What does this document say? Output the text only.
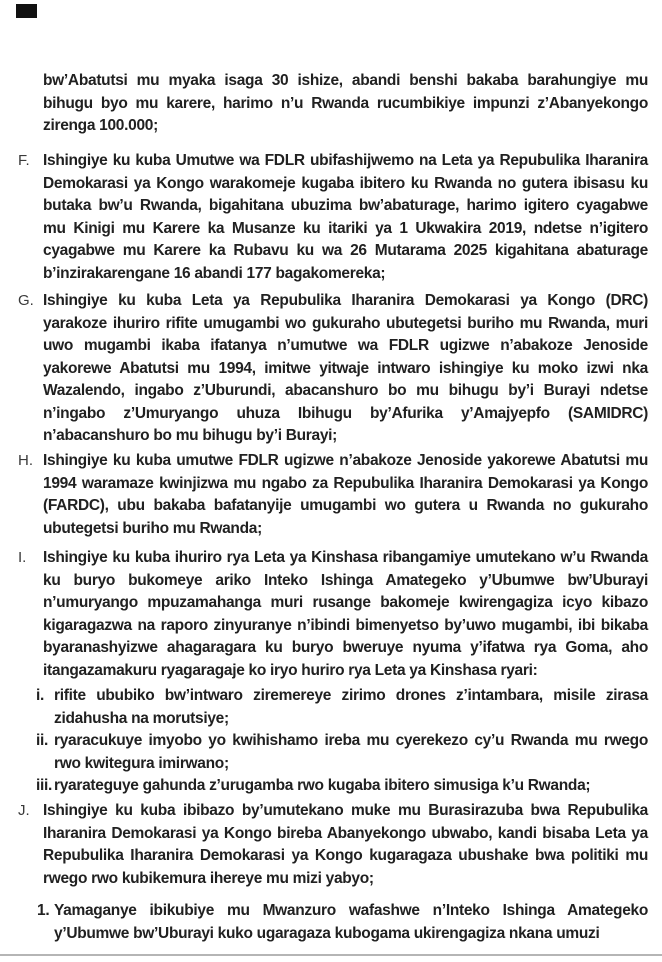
bw’Abatutsi mu myaka isaga 30 ishize, abandi benshi bakaba barahungiye mu bihugu byo mu karere, harimo n’u Rwanda rucumbikiye impunzi z’Abanyekongo zirenga 100.000;
F. Ishingiye ku kuba Umutwe wa FDLR ubifashijwemo na Leta ya Repubulika Iharanira Demokarasi ya Kongo warakomeje kugaba ibitero ku Rwanda no gutera ibisasu ku butaka bw’u Rwanda, bigahitana ubuzima bw’abaturage, harimo igitero cyagabwe mu Kinigi mu Karere ka Musanze ku itariki ya 1 Ukwakira 2019, ndetse n’igitero cyagabwe mu Karere ka Rubavu ku wa 26 Mutarama 2025 kigahitana abaturage b’inzirakarengane 16 abandi 177 bagakomereka;
G. Ishingiye ku kuba Leta ya Repubulika Iharanira Demokarasi ya Kongo (DRC) yarakoze ihuriro rifite umugambi wo gukuraho ubutegetsi buriho mu Rwanda, muri uwo mugambi ikaba ifatanya n’umutwe wa FDLR ugizwe n’abakoze Jenoside yakorewe Abatutsi mu 1994, imitwe yitwaje intwaro ishingiye ku moko izwi nka Wazalendo, ingabo z’Uburundi, abacanshuro bo mu bihugu by’i Burayi ndetse n’ingabo z’Umuryango uhuza Ibihugu by’Afurika y’Amajyepfo (SAMIDRC) n’abacanshuro bo mu bihugu by’i Burayi;
H. Ishingiye ku kuba umutwe FDLR ugizwe n’abakoze Jenoside yakorewe Abatutsi mu 1994 waramaze kwinjizwa mu ngabo za Repubulika Iharanira Demokarasi ya Kongo (FARDC), ubu bakaba bafatanyije umugambi wo gutera u Rwanda no gukuraho ubutegetsi buriho mu Rwanda;
I.	Ishingiye ku kuba ihuriro rya Leta ya Kinshasa ribangamiye umutekano w’u Rwanda ku buryo bukomeye ariko Inteko Ishinga Amategeko y’Ubumwe bw’Uburayi n’umuryango mpuzamahanga muri rusange bakomeje kwirengagiza icyo kibazo kigaragazwa na raporo zinyuranye n’ibindi bimenyetso by’uwo mugambi, ibi bikaba byaranashyizwe ahagaragara ku buryo bweruye nyuma y’ifatwa rya Goma, aho itangazamakuru ryagaragaje ko iryo huriro rya Leta ya Kinshasa ryari:
i. rifite ububiko bw’intwaro ziremereye zirimo drones z’intambara, misile zirasa zidahusha na morutsiye;
ii. ryaracukuye imyobo yo kwihishamo ireba mu cyerekezo cy’u Rwanda mu rwego rwo kwitegura imirwano;
iii. ryarateguye gahunda z’urugamba rwo kugaba ibitero simusiga k’u Rwanda;
J. Ishingiye ku kuba ibibazo by’umutekano muke mu Burasirazuba bwa Repubulika Iharanira Demokarasi ya Kongo bireba Abanyekongo ubwabo, kandi bisaba Leta ya Repubulika Iharanira Demokarasi ya Kongo kugaragaza ubushake bwa politiki mu rwego rwo kubikemura ihereye mu mizi yabyo;
1. Yamaganye ibikubiye mu Mwanzuro wafashwe n’Inteko Ishinga Amategeko y’Ubumwe bw’Uburayi kuko ugaragaza kubogama ukirengagiza nkana umuzi
